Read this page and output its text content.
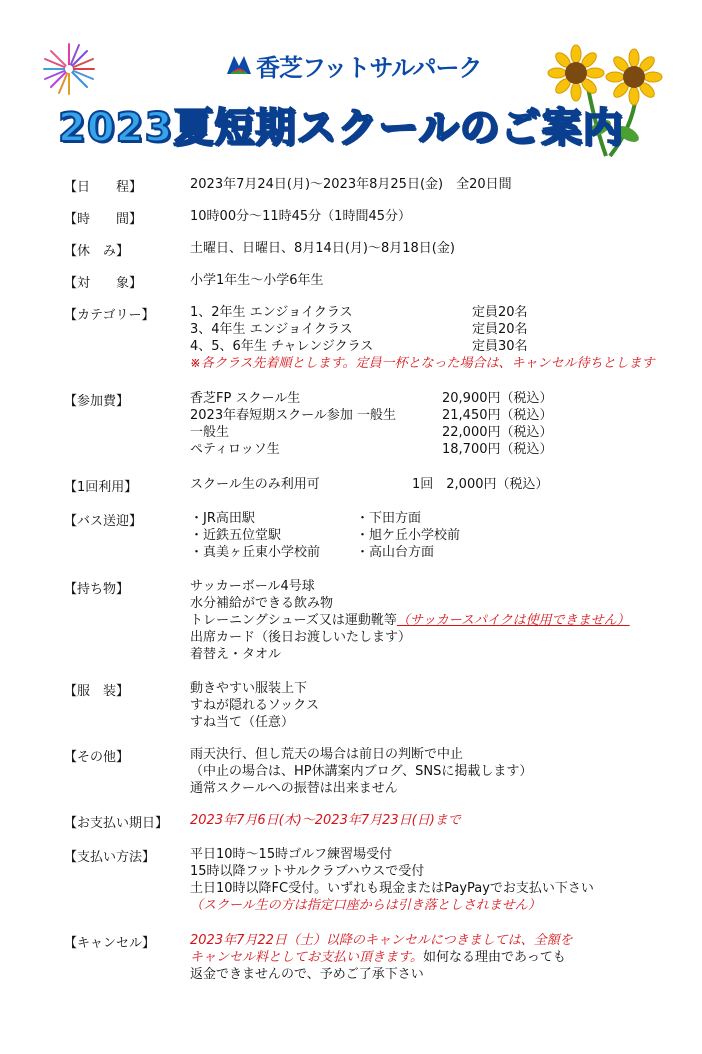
香芝フットサルパーク
2023夏短期スクールのご案内
【日　　程】	2023年7月24日(月)～2023年8月25日(金)　全20日間
【時　　間】	10時00分～11時45分（1時間45分）
【休　み】	土曜日、日曜日、8月14日(月)～8月18日(金)
【対　　象】	小学1年生～小学6年生
【カテゴリー】	1、2年生 エンジョイクラス	定員20名
3、4年生 エンジョイクラス	定員20名
4、5、6年生 チャレンジクラス	定員30名
※各クラス先着順とします。定員一杯となった場合は、キャンセル待ちとします
【参加費】	香芝FP スクール生	20,900円（税込）
2023年春短期スクール参加 一般生	21,450円（税込）
一般生	22,000円（税込）
ペティロッソ生	18,700円（税込）
【1回利用】	スクール生のみ利用可	1回　2,000円（税込）
【バス送迎】	・JR高田駅	・下田方面
・近鉄五位堂駅	・旭ケ丘小学校前
・真美ヶ丘東小学校前	・高山台方面
【持ち物】	サッカーボール4号球
水分補給ができる飲み物
トレーニングシューズ又は運動靴等（サッカースパイクは使用できません）
出席カード（後日お渡しいたします）
着替え・タオル
【服　装】	動きやすい服装上下
すねが隠れるソックス
すね当て（任意）
【その他】	雨天決行、但し荒天の場合は前日の判断で中止
（中止の場合は、HP休講案内ブログ、SNSに掲載します）
通常スクールへの振替は出来ません
【お支払い期日】 2023年7月6日(木)～2023年7月23日(日)まで
【支払い方法】	平日10時～15時ゴルフ練習場受付
15時以降フットサルクラブハウスで受付
土日10時以降FC受付。いずれも現金またはPayPayでお支払い下さい
（スクール生の方は指定口座からは引き落としされません）
【キャンセル】	2023年7月22日（土）以降のキャンセルにつきましては、全額を
キャンセル料としてお支払い頂きます。如何なる理由であっても
返金できませんので、予めご了承下さい
